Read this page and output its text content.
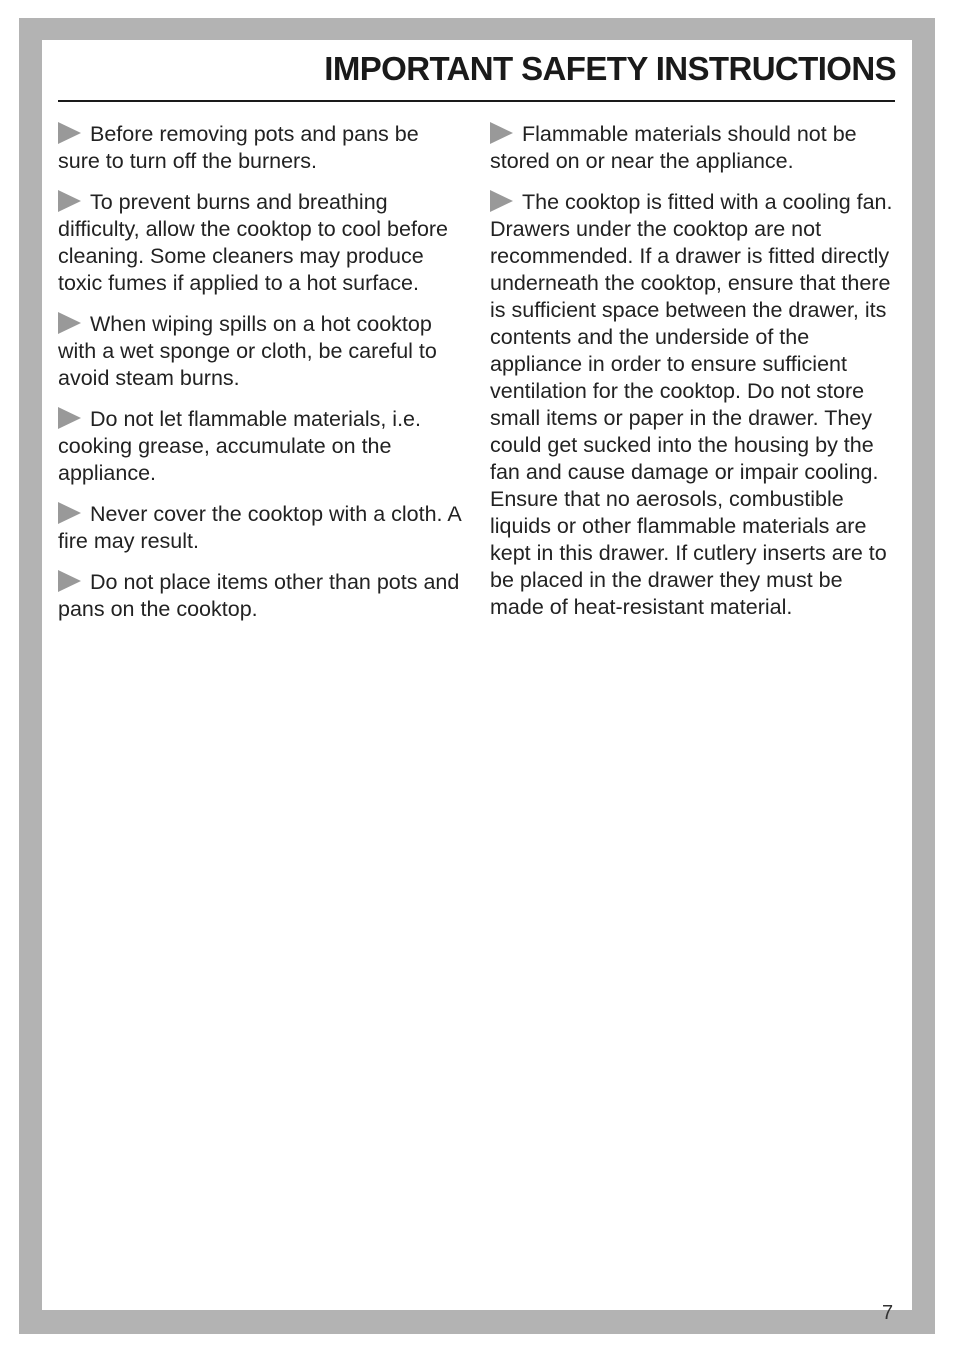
IMPORTANT SAFETY INSTRUCTIONS

Before removing pots and pans be sure to turn off the burners.

To prevent burns and breathing difficulty, allow the cooktop to cool before cleaning. Some cleaners may produce toxic fumes if applied to a hot surface.

When wiping spills on a hot cooktop with a wet sponge or cloth, be careful to avoid steam burns.

Do not let flammable materials, i.e. cooking grease, accumulate on the appliance.

Never cover the cooktop with a cloth. A fire may result.

Do not place items other than pots and pans on the cooktop.

Flammable materials should not be stored on or near the appliance.

The cooktop is fitted with a cooling fan. Drawers under the cooktop are not recommended. If a drawer is fitted directly underneath the cooktop, ensure that there is sufficient space between the drawer, its contents and the underside of the appliance in order to ensure sufficient ventilation for the cooktop. Do not store small items or paper in the drawer. They could get sucked into the housing by the fan and cause damage or impair cooling. Ensure that no aerosols, combustible liquids or other flammable materials are kept in this drawer. If cutlery inserts are to be placed in the drawer they must be made of heat-resistant material.

7
